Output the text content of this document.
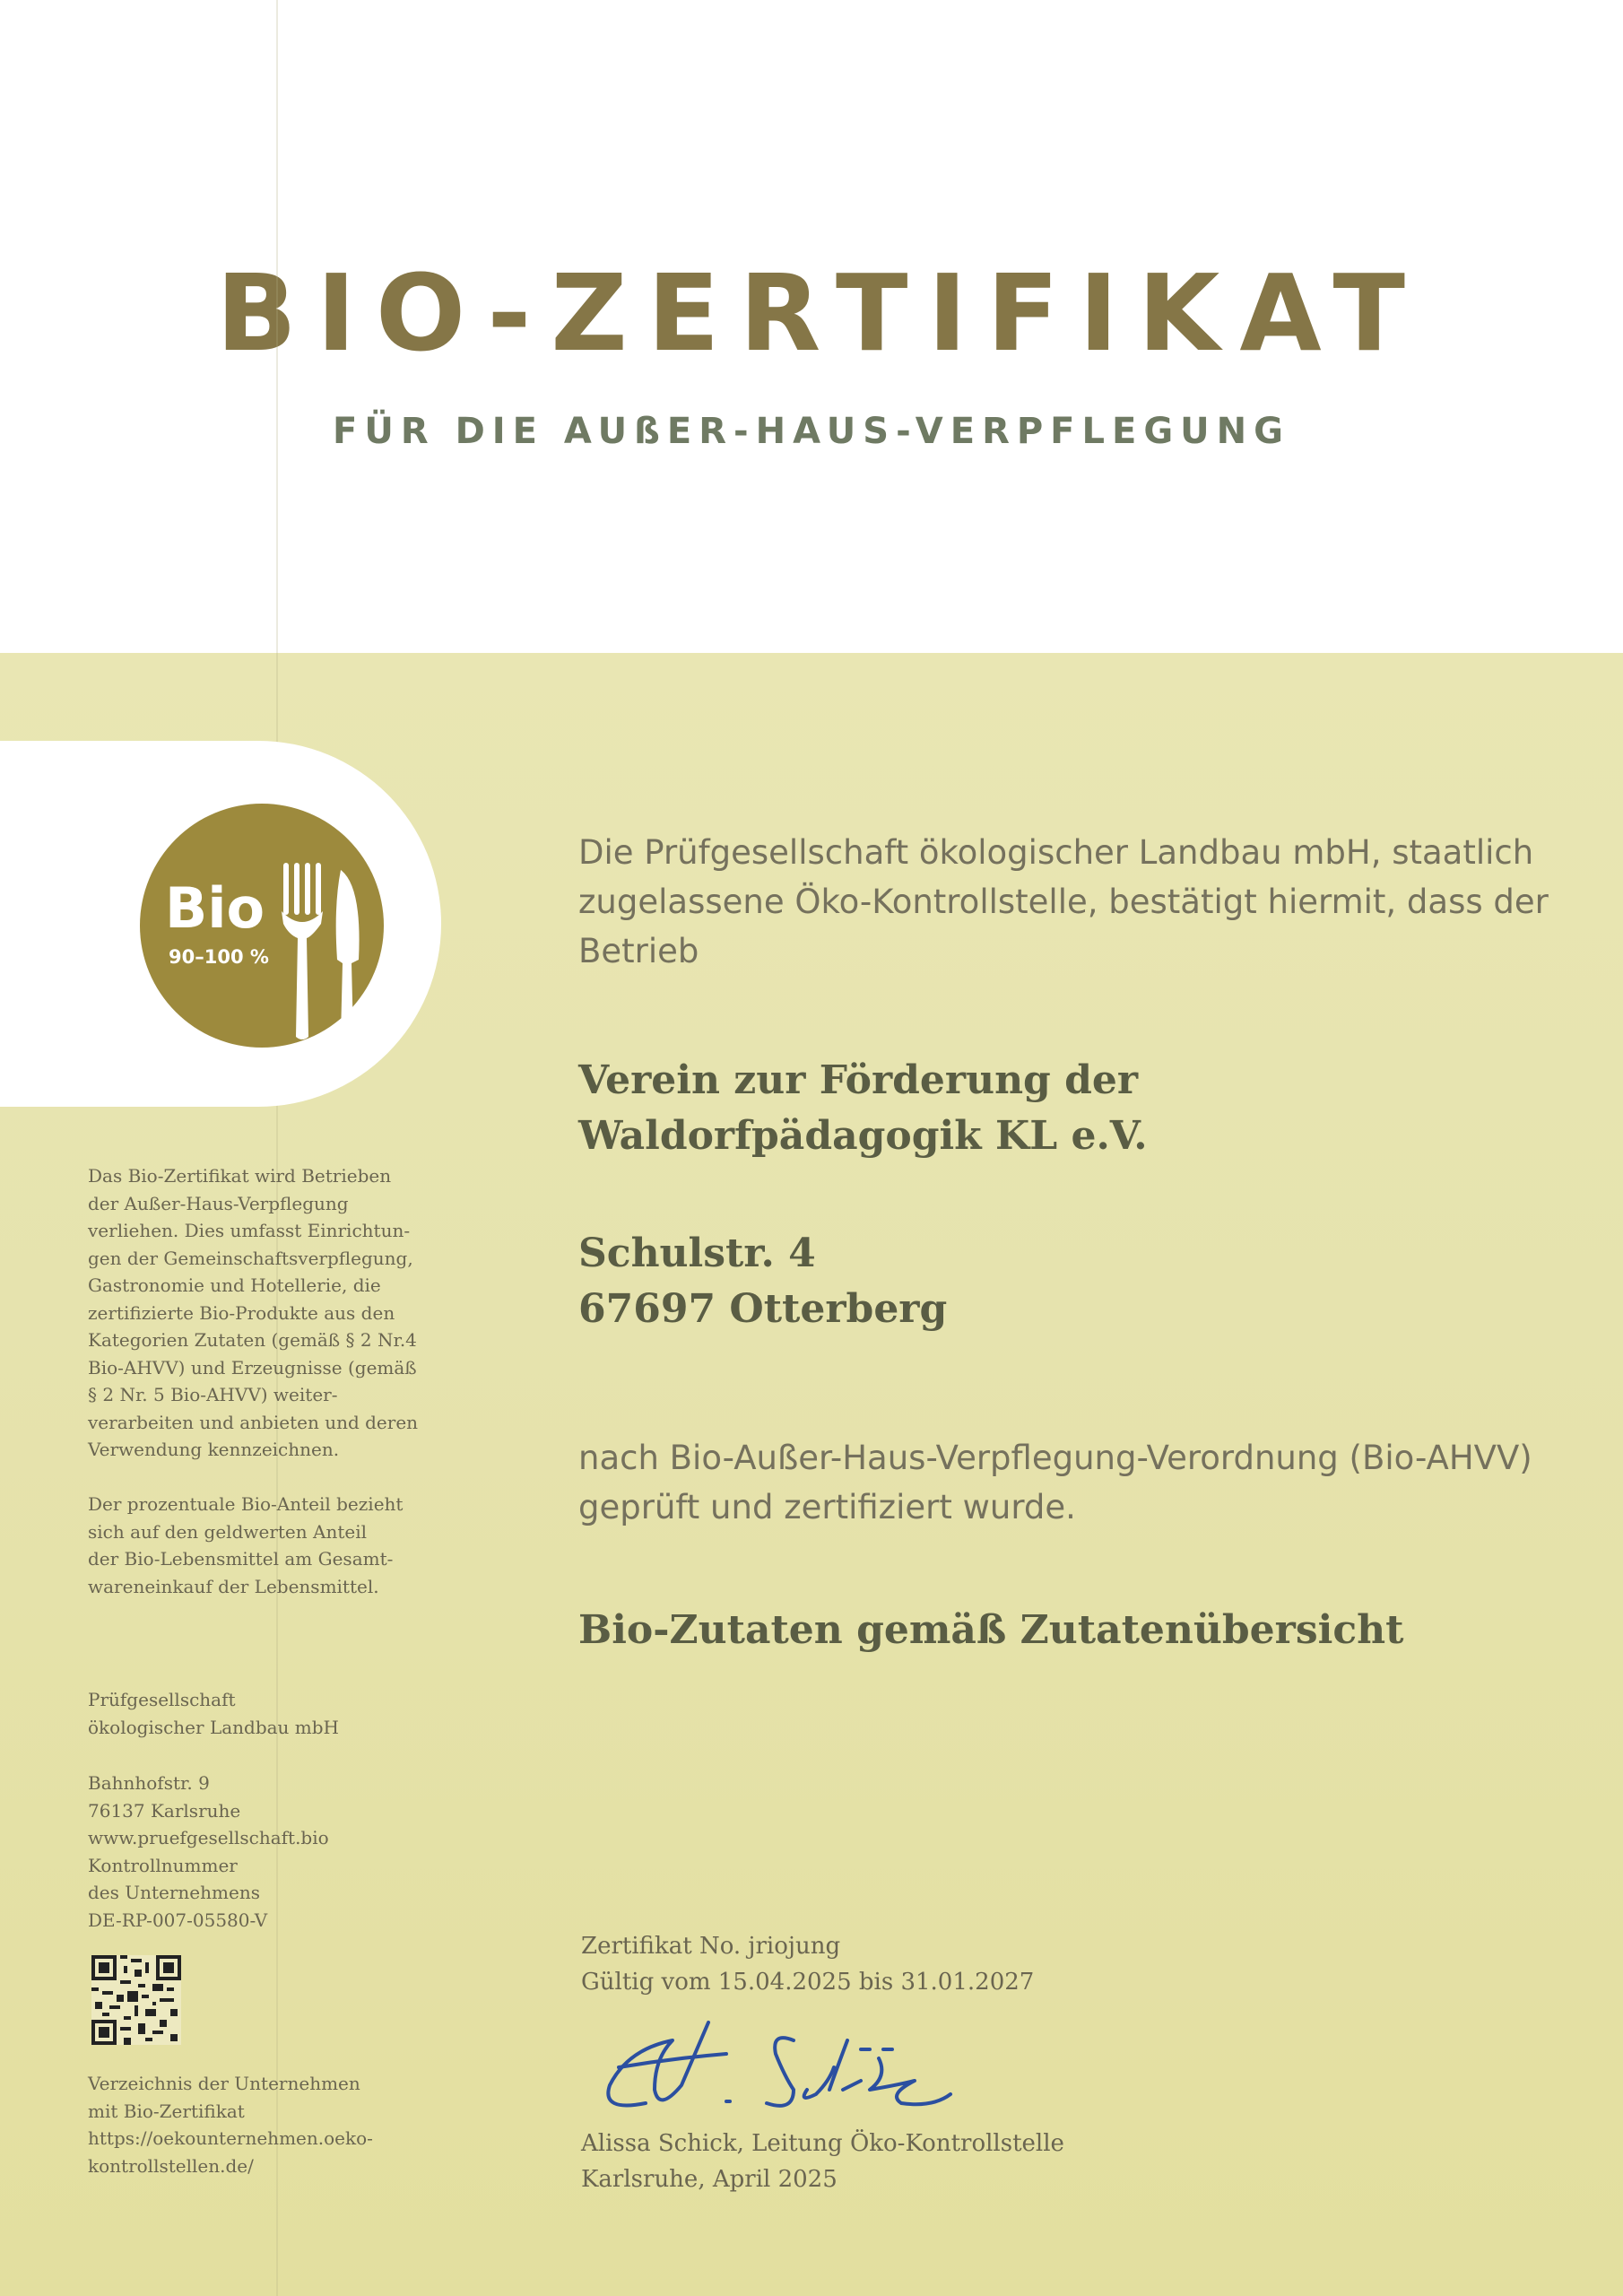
BIO-ZERTIFIKAT

FÜR DIE AUßER-HAUS-VERPFLEGUNG

Bio
90–100 %

Das Bio-Zertifikat wird Betrieben
der Außer-Haus-Verpflegung
verliehen. Dies umfasst Einrichtun-
gen der Gemeinschaftsverpflegung,
Gastronomie und Hotellerie, die
zertifizierte Bio-Produkte aus den
Kategorien Zutaten (gemäß § 2 Nr.4
Bio-AHVV) und Erzeugnisse (gemäß
§ 2 Nr. 5 Bio-AHVV) weiter-
verarbeiten und anbieten und deren
Verwendung kennzeichnen.

Der prozentuale Bio-Anteil bezieht
sich auf den geldwerten Anteil
der Bio-Lebensmittel am Gesamt-
wareneinkauf der Lebensmittel.

Prüfgesellschaft
ökologischer Landbau mbH

Bahnhofstr. 9
76137 Karlsruhe
www.pruefgesellschaft.bio
Kontrollnummer
des Unternehmens
DE-RP-007-05580-V

Verzeichnis der Unternehmen
mit Bio-Zertifikat
https://oekounternehmen.oeko-
kontrollstellen.de/

Die Prüfgesellschaft ökologischer Landbau mbH, staatlich zugelassene Öko-Kontrollstelle, bestätigt hiermit, dass der Betrieb

Verein zur Förderung der
Waldorfpädagogik KL e.V.

Schulstr. 4
67697 Otterberg

nach Bio-Außer-Haus-Verpflegung-Verordnung (Bio-AHVV) geprüft und zertifiziert wurde.

Bio-Zutaten gemäß Zutatenübersicht

Zertifikat No. jriojung

Gültig vom 15.04.2025 bis 31.01.2027

Alissa Schick, Leitung Öko-Kontrollstelle

Karlsruhe, April 2025
